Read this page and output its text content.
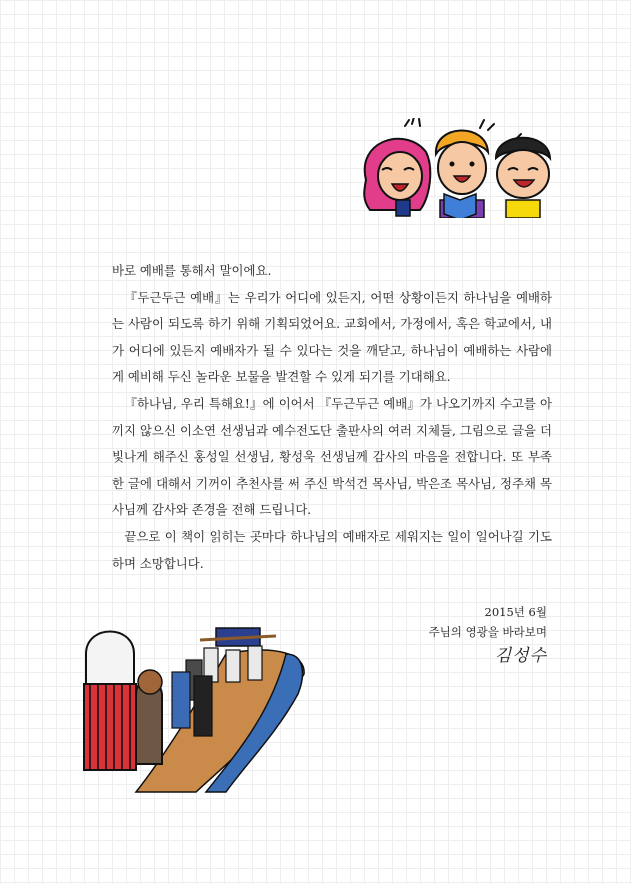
바로 예배를 통해서 말이에요.

『두근두근 예배』는 우리가 어디에 있든지, 어떤 상황이든지 하나님을 예배하는 사람이 되도록 하기 위해 기획되었어요. 교회에서, 가정에서, 혹은 학교에서, 내가 어디에 있든지 예배자가 될 수 있다는 것을 깨닫고, 하나님이 예배하는 사람에게 예비해 두신 놀라운 보물을 발견할 수 있게 되기를 기대해요.

『하나님, 우리 특해요!』에 이어서 『두근두근 예배』가 나오기까지 수고를 아끼지 않으신 이소연 선생님과 예수전도단 출판사의 여러 지체들, 그림으로 글을 더 빛나게 해주신 홍성일 선생님, 황성욱 선생님께 감사의 마음을 전합니다. 또 부족한 글에 대해서 기꺼이 추천사를 써 주신 박석건 목사님, 박은조 목사님, 정주채 목사님께 감사와 존경을 전해 드립니다.

끝으로 이 책이 읽히는 곳마다 하나님의 예배자로 세워지는 일이 일어나길 기도하며 소망합니다.

2015년 6월
주님의 영광을 바라보며
김성수
